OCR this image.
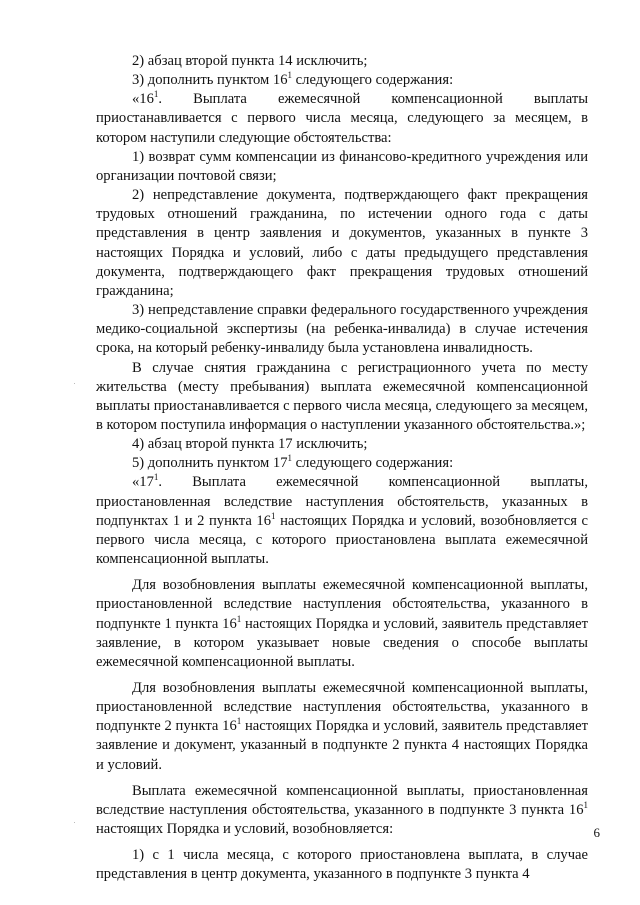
2) абзац второй пункта 14 исключить;

3) дополнить пунктом $16^1$ следующего содержания:

«$16^1$. Выплата ежемесячной компенсационной выплаты приостанавливается с первого числа месяца, следующего за месяцем, в котором наступили следующие обстоятельства:

1) возврат сумм компенсации из финансово-кредитного учреждения или организации почтовой связи;

2) непредставление документа, подтверждающего факт прекращения трудовых отношений гражданина, по истечении одного года с даты представления в центр заявления и документов, указанных в пункте 3 настоящих Порядка и условий, либо с даты предыдущего представления документа, подтверждающего факт прекращения трудовых отношений гражданина;

3) непредставление справки федерального государственного учреждения медико-социальной экспертизы (на ребенка-инвалида) в случае истечения срока, на который ребенку-инвалиду была установлена инвалидность.

В случае снятия гражданина с регистрационного учета по месту жительства (месту пребывания) выплата ежемесячной компенсационной выплаты приостанавливается с первого числа месяца, следующего за месяцем, в котором поступила информация о наступлении указанного обстоятельства.»;

4) абзац второй пункта 17 исключить;

5) дополнить пунктом $17^1$ следующего содержания:

«$17^1$. Выплата ежемесячной компенсационной выплаты, приостановленная вследствие наступления обстоятельств, указанных в подпунктах 1 и 2 пункта $16^1$ настоящих Порядка и условий, возобновляется с первого числа месяца, с которого приостановлена выплата ежемесячной компенсационной выплаты.

Для возобновления выплаты ежемесячной компенсационной выплаты, приостановленной вследствие наступления обстоятельства, указанного в подпункте 1 пункта $16^1$ настоящих Порядка и условий, заявитель представляет заявление, в котором указывает новые сведения о способе выплаты ежемесячной компенсационной выплаты.

Для возобновления выплаты ежемесячной компенсационной выплаты, приостановленной вследствие наступления обстоятельства, указанного в подпункте 2 пункта $16^1$ настоящих Порядка и условий, заявитель представляет заявление и документ, указанный в подпункте 2 пункта 4 настоящих Порядка и условий.

Выплата ежемесячной компенсационной выплаты, приостановленная вследствие наступления обстоятельства, указанного в подпункте 3 пункта $16^1$ настоящих Порядка и условий, возобновляется:

1) с 1 числа месяца, с которого приостановлена выплата, в случае представления в центр документа, указанного в подпункте 3 пункта 4

6
